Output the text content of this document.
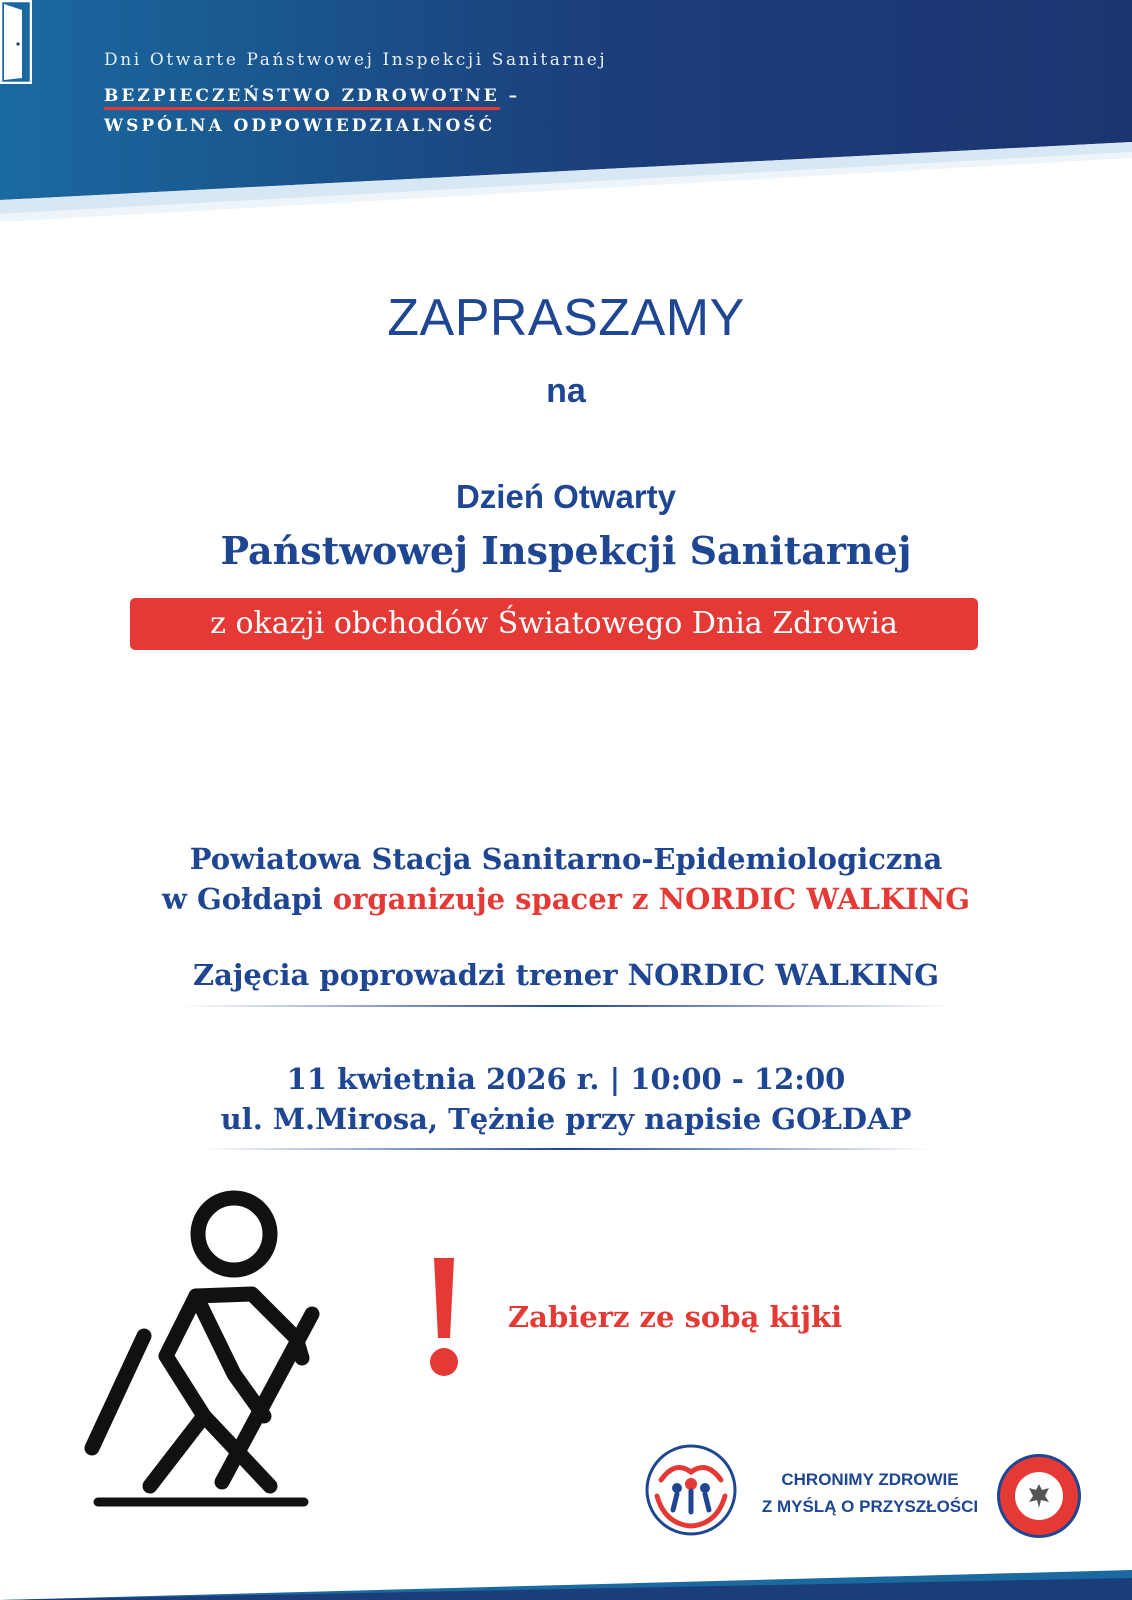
Dni Otwarte Państwowej Inspekcji Sanitarnej
BEZPIECZEŃSTWO ZDROWOTNE –
WSPÓLNA ODPOWIEDZIALNOŚĆ
ZAPRASZAMY
na
Dzień Otwarty
Państwowej Inspekcji Sanitarnej
z okazji obchodów Światowego Dnia Zdrowia
Powiatowa Stacja Sanitarno-Epidemiologiczna
w Gołdapi organizuje spacer z NORDIC WALKING
Zajęcia poprowadzi trener NORDIC WALKING
11 kwietnia 2026 r. | 10:00 - 12:00
ul. M.Mirosa, Tężnie przy napisie GOŁDAP
Zabierz ze sobą kijki
CHRONIMY ZDROWIE
Z MYŚLĄ O PRZYSZŁOŚCI
